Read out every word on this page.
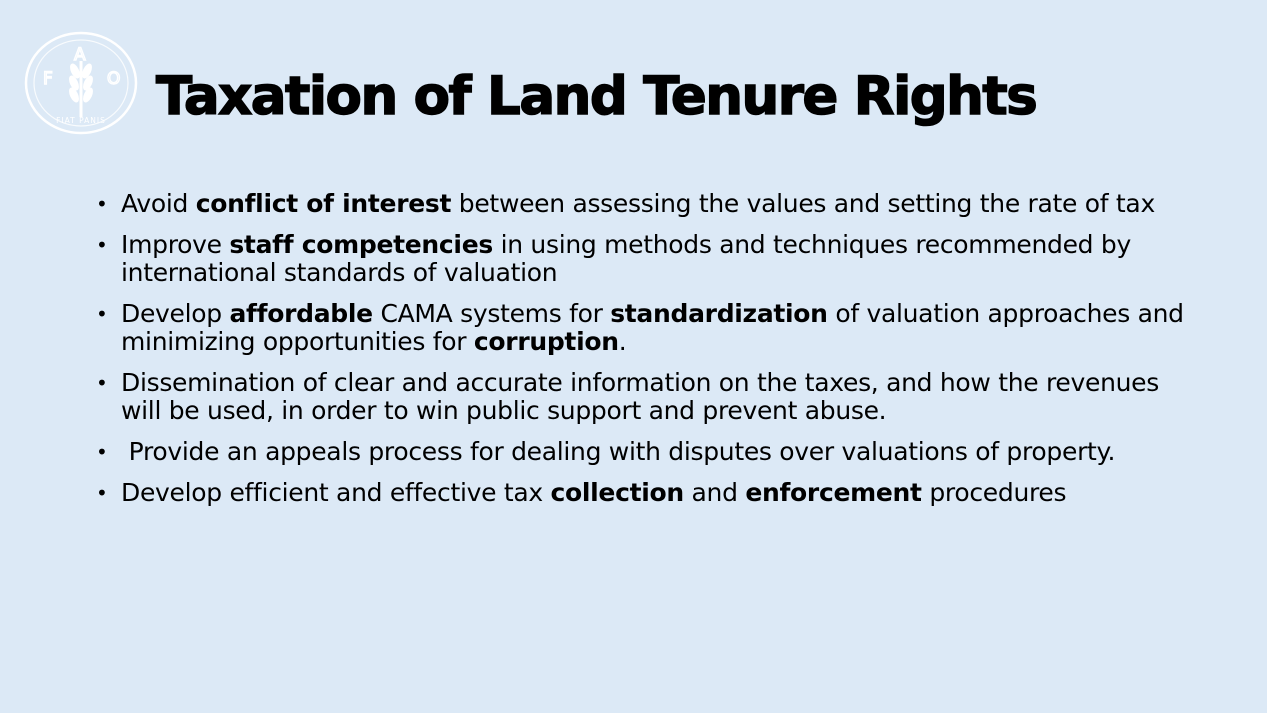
F
A
O
FIAT PANIS Taxation of Land Tenure Rights
• Avoid conflict of interest between assessing the values and setting the rate of tax
• Improve staff competencies in using methods and techniques recommended by international standards of valuation
• Develop affordable CAMA systems for standardization of valuation approaches and minimizing opportunities for corruption.
• Dissemination of clear and accurate information on the taxes, and how the revenues will be used, in order to win public support and prevent abuse.
• Provide an appeals process for dealing with disputes over valuations of property.
• Develop efficient and effective tax collection and enforcement procedures
